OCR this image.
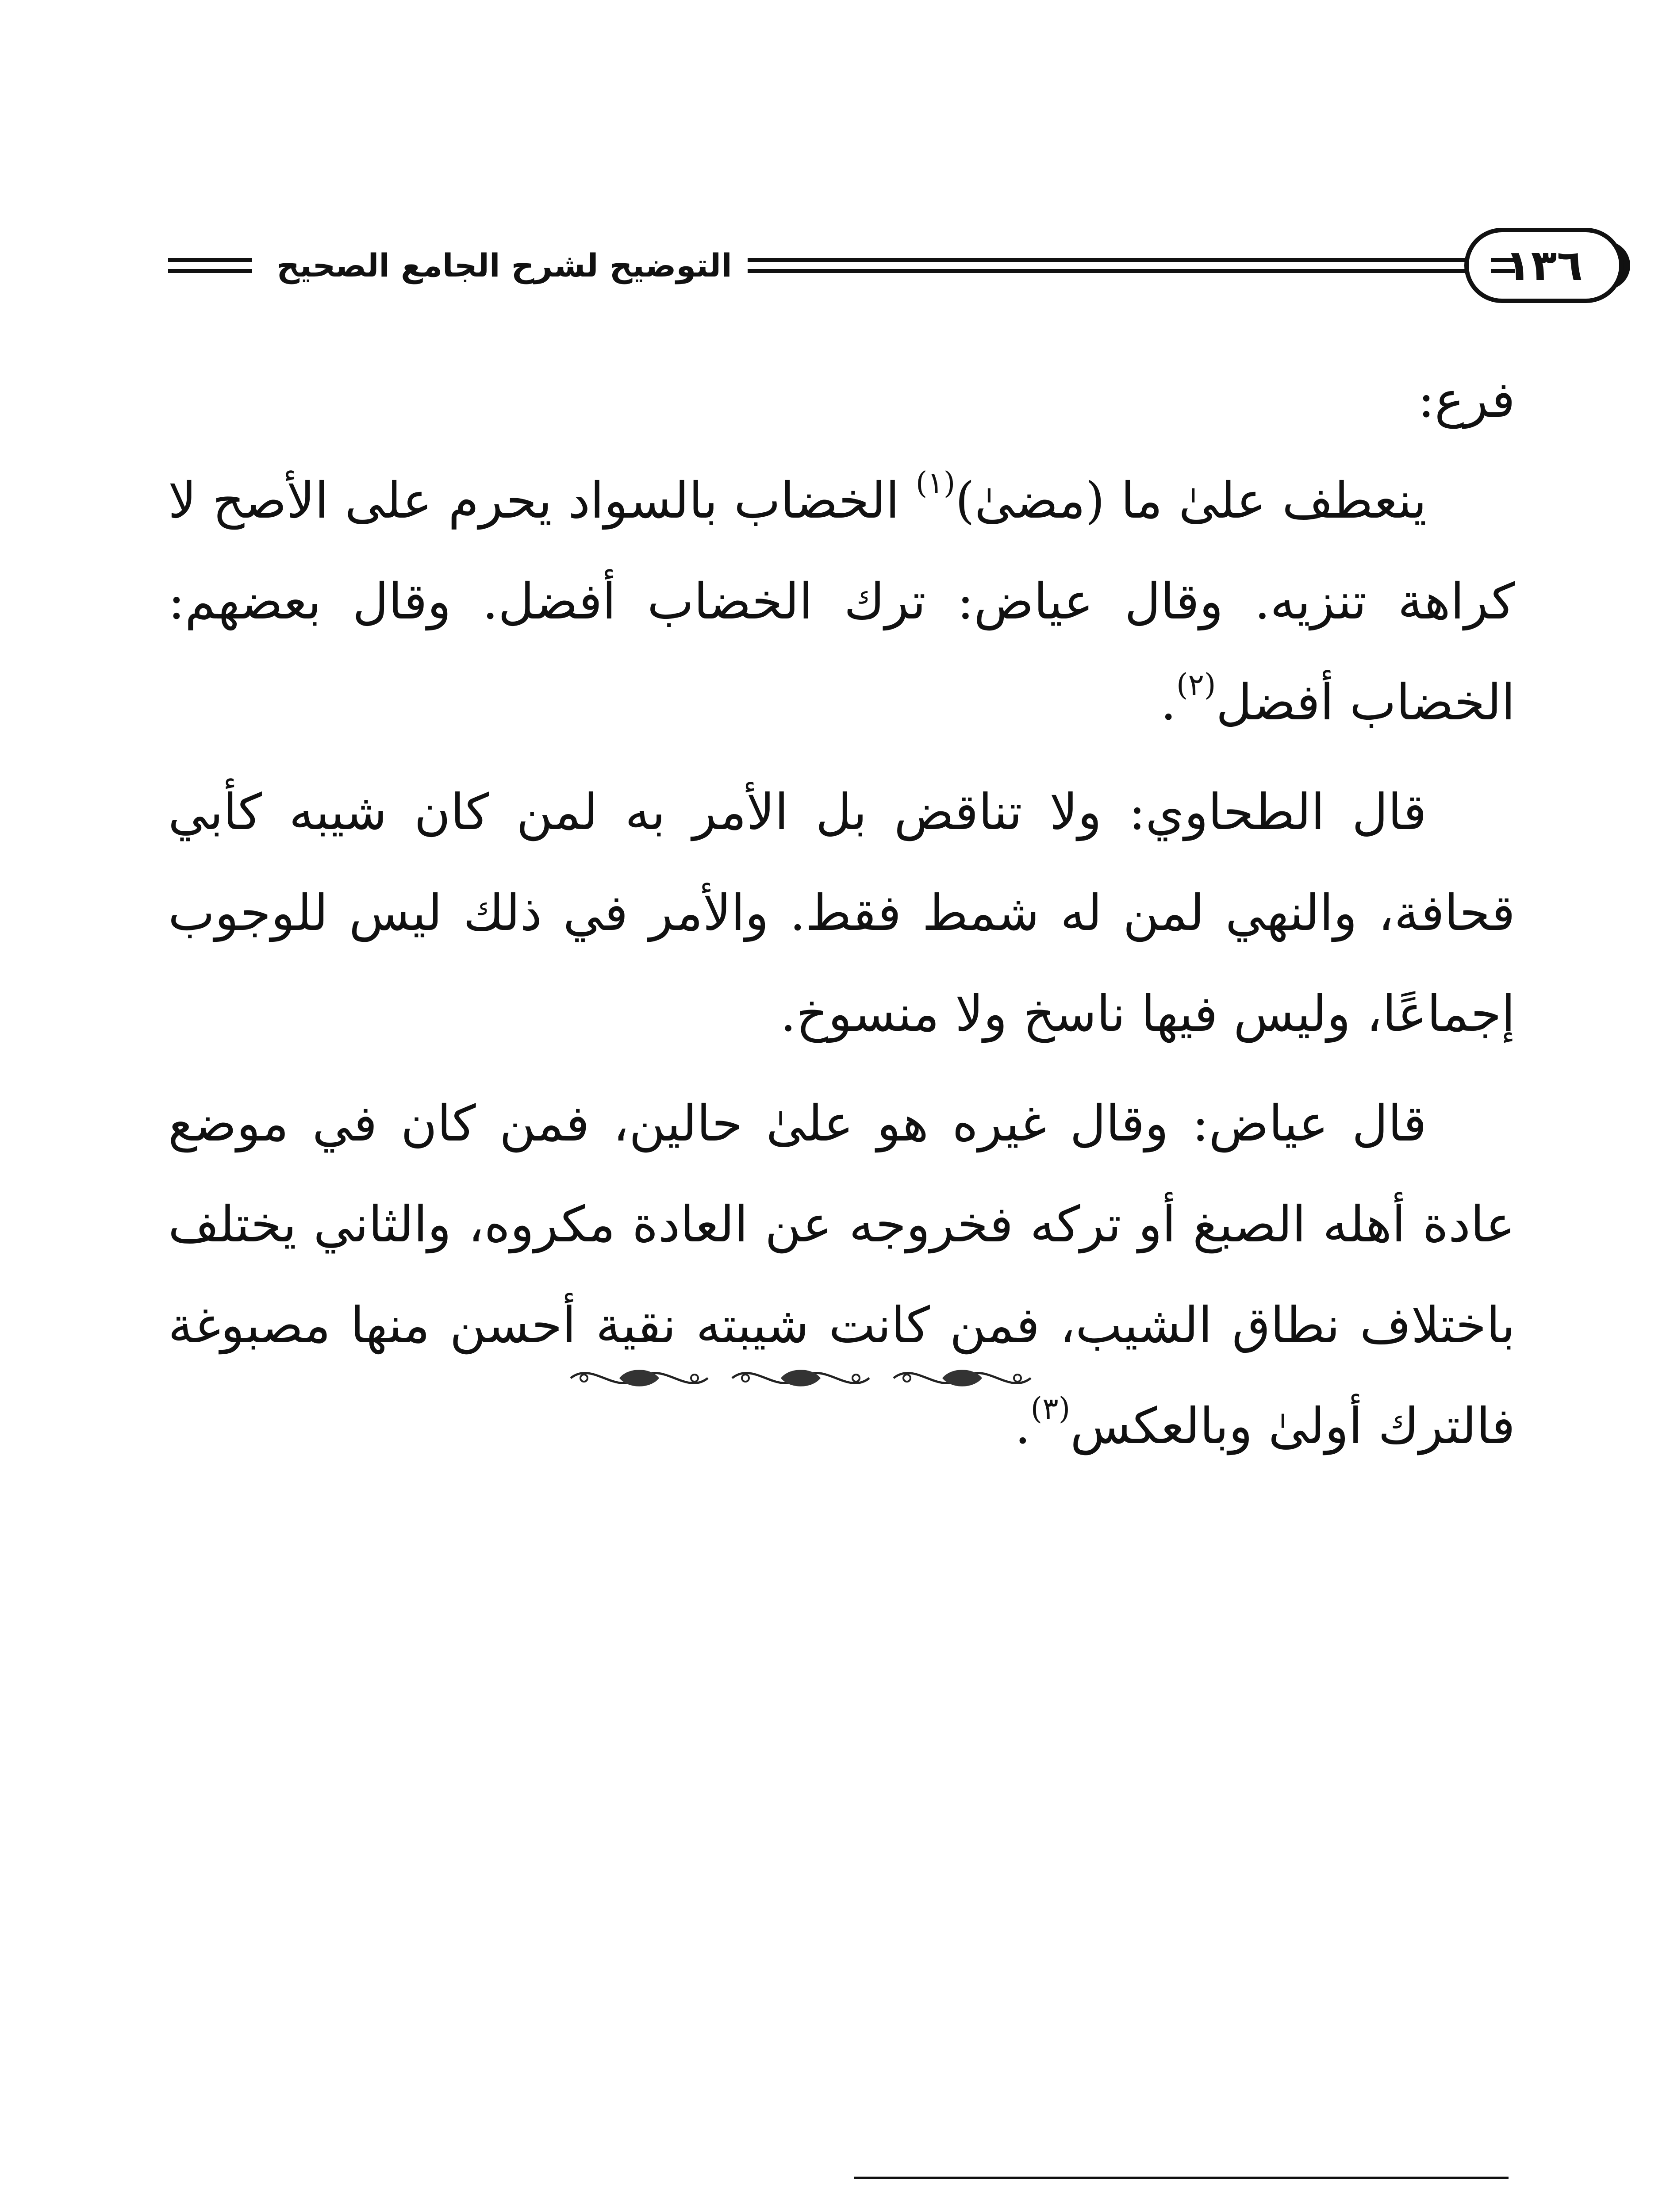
التوضيح لشرح الجامع الصحيح	١٣٦

فرع:

ينعطف علىٰ ما (مضىٰ)$^{(١)}$ الخضاب بالسواد يحرم على الأصح لا كراهة تنزيه. وقال عياض: ترك الخضاب أفضل. وقال بعضهم: الخضاب أفضل$^{(٢)}$.

قال الطحاوي: ولا تناقض بل الأمر به لمن كان شيبه كأبي قحافة، والنهي لمن له شمط فقط. والأمر في ذلك ليس للوجوب إجماعًا، وليس فيها ناسخ ولا منسوخ.

قال عياض: وقال غيره هو علىٰ حالين، فمن كان في موضع عادة أهله الصبغ أو تركه فخروجه عن العادة مكروه، والثاني يختلف باختلاف نطاق الشيب، فمن كانت شيبته نقية أحسن منها مصبوغة فالترك أولىٰ وبالعكس$^{(٣)}$.
